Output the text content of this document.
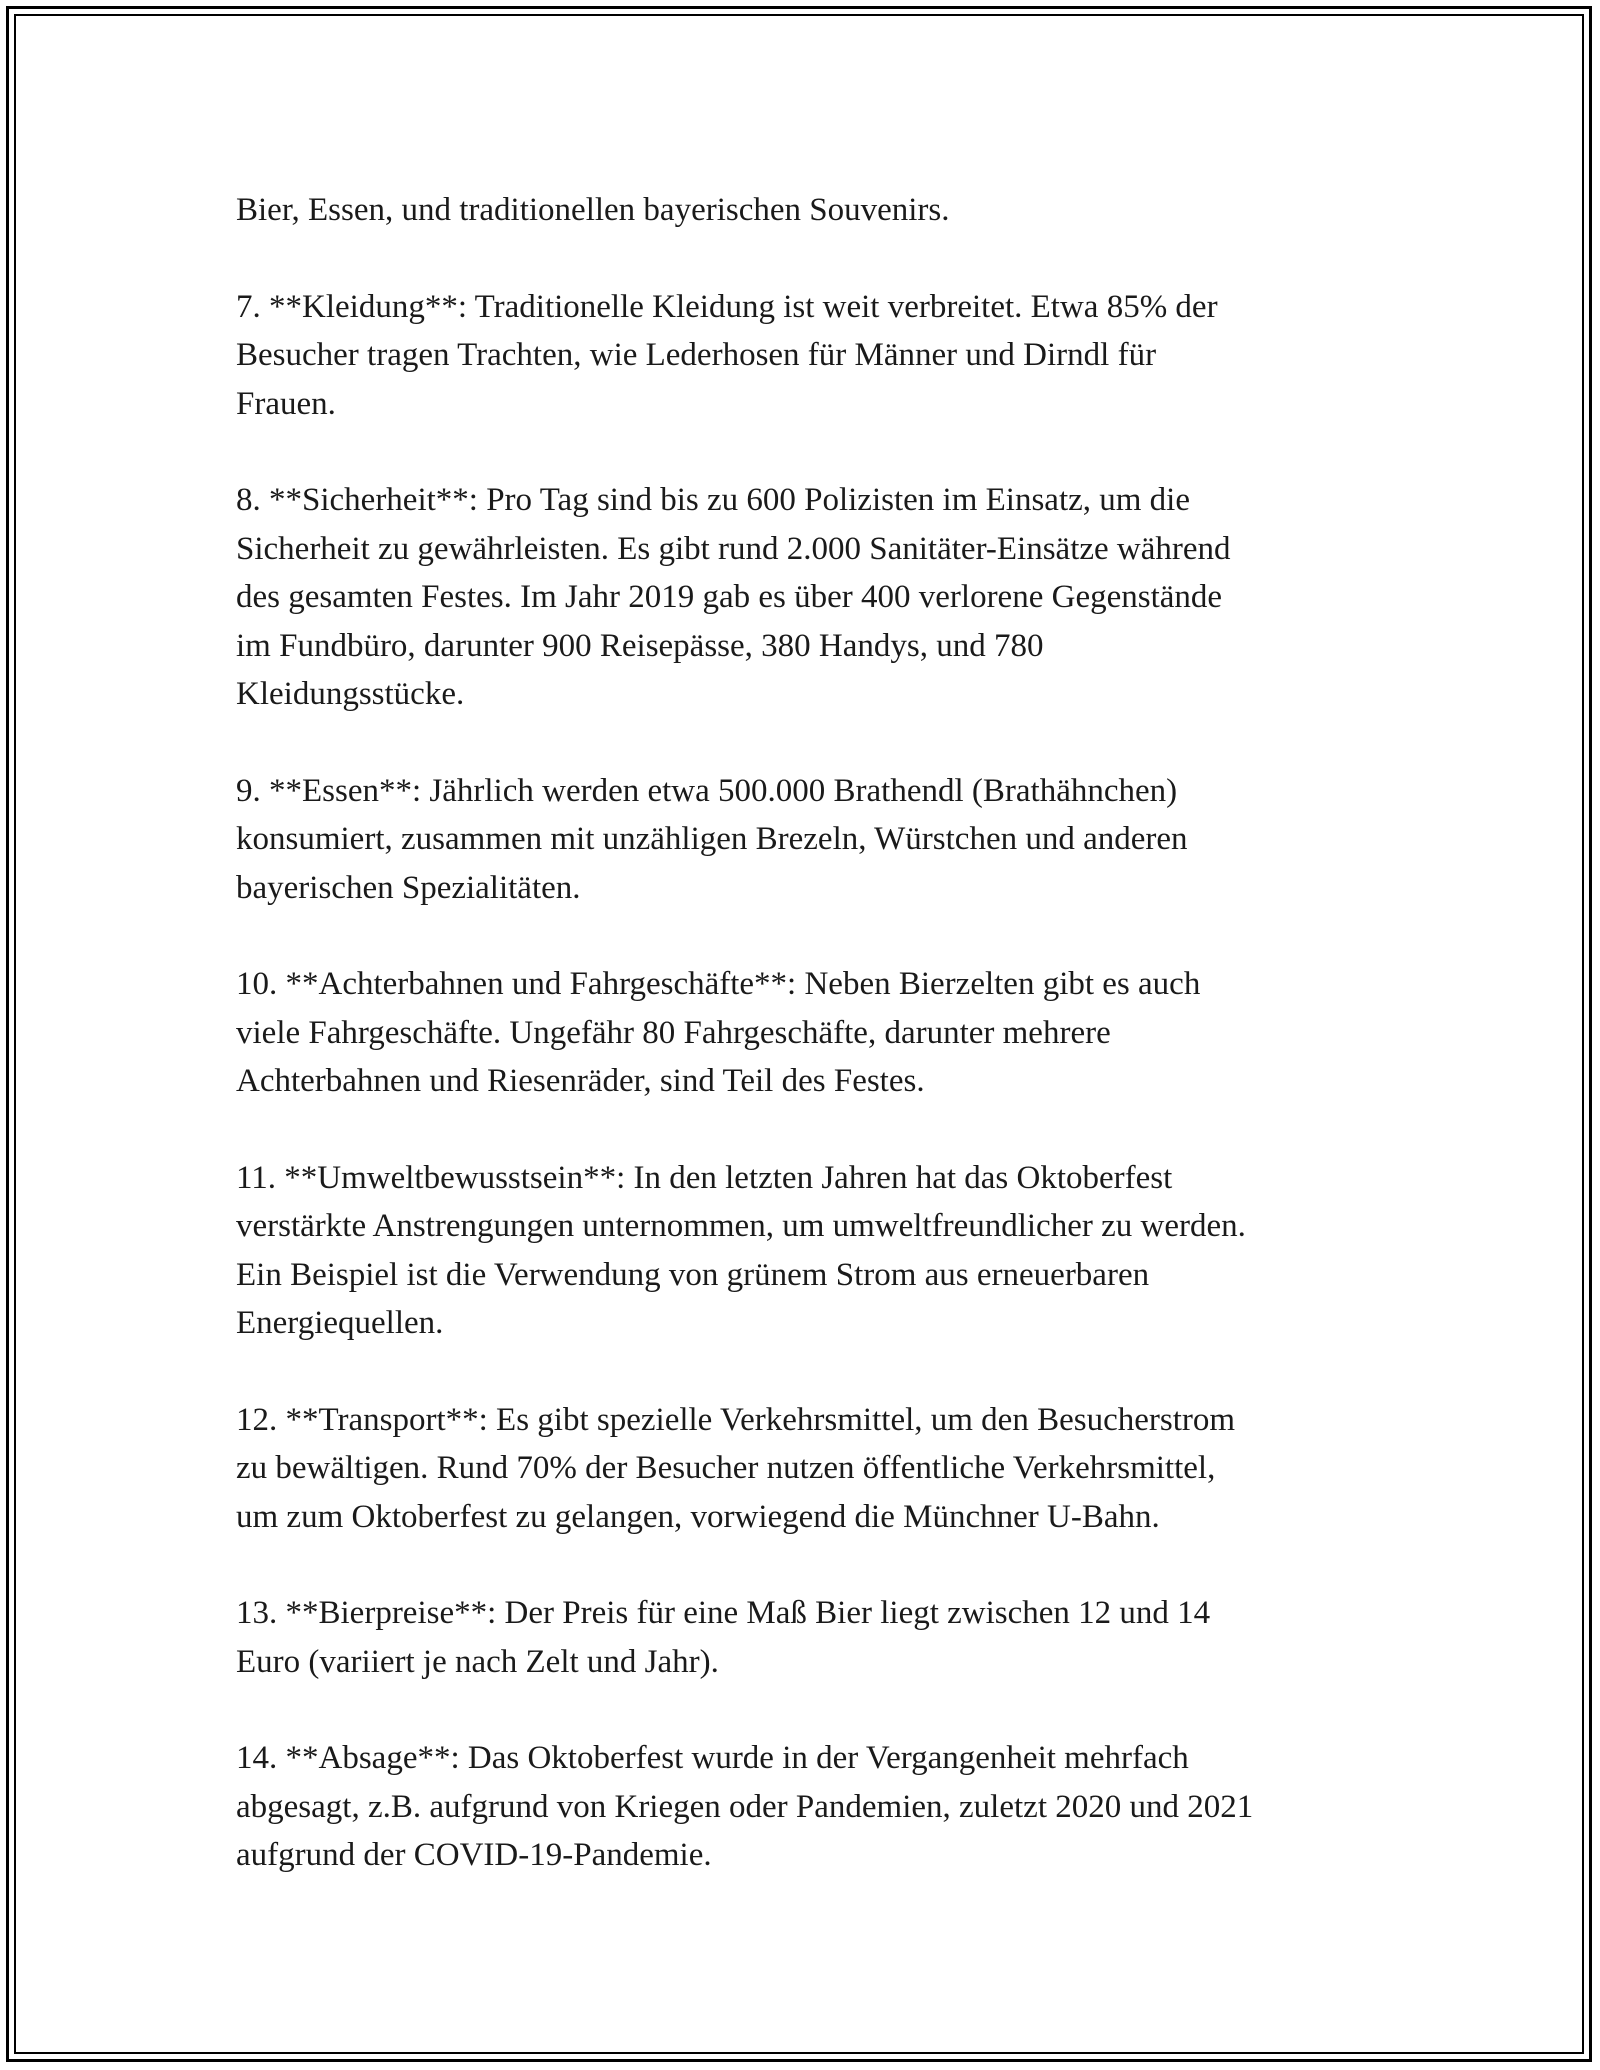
Bier, Essen, und traditionellen bayerischen Souvenirs.

7. **Kleidung**: Traditionelle Kleidung ist weit verbreitet. Etwa 85% der
Besucher tragen Trachten, wie Lederhosen für Männer und Dirndl für
Frauen.

8. **Sicherheit**: Pro Tag sind bis zu 600 Polizisten im Einsatz, um die
Sicherheit zu gewährleisten. Es gibt rund 2.000 Sanitäter-Einsätze während
des gesamten Festes. Im Jahr 2019 gab es über 400 verlorene Gegenstände
im Fundbüro, darunter 900 Reisepässe, 380 Handys, und 780
Kleidungsstücke.

9. **Essen**: Jährlich werden etwa 500.000 Brathendl (Brathähnchen)
konsumiert, zusammen mit unzähligen Brezeln, Würstchen und anderen
bayerischen Spezialitäten.

10. **Achterbahnen und Fahrgeschäfte**: Neben Bierzelten gibt es auch
viele Fahrgeschäfte. Ungefähr 80 Fahrgeschäfte, darunter mehrere
Achterbahnen und Riesenräder, sind Teil des Festes.

11. **Umweltbewusstsein**: In den letzten Jahren hat das Oktoberfest
verstärkte Anstrengungen unternommen, um umweltfreundlicher zu werden.
Ein Beispiel ist die Verwendung von grünem Strom aus erneuerbaren
Energiequellen.

12. **Transport**: Es gibt spezielle Verkehrsmittel, um den Besucherstrom
zu bewältigen. Rund 70% der Besucher nutzen öffentliche Verkehrsmittel,
um zum Oktoberfest zu gelangen, vorwiegend die Münchner U-Bahn.

13. **Bierpreise**: Der Preis für eine Maß Bier liegt zwischen 12 und 14
Euro (variiert je nach Zelt und Jahr).

14. **Absage**: Das Oktoberfest wurde in der Vergangenheit mehrfach
abgesagt, z.B. aufgrund von Kriegen oder Pandemien, zuletzt 2020 und 2021
aufgrund der COVID-19-Pandemie.
